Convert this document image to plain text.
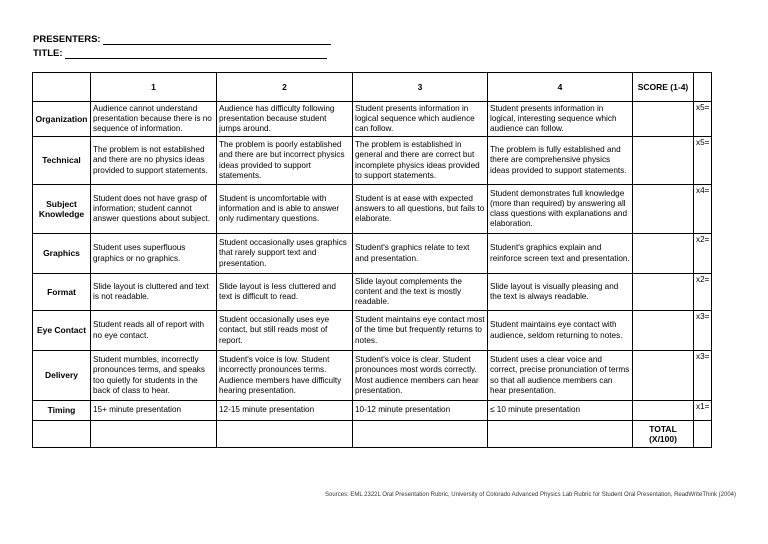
PRESENTERS:
TITLE:
	1	2	3	4	SCORE (1-4)	
Organization	Audience cannot understand presentation because there is no sequence of information.	Audience has difficulty following presentation because student jumps around.	Student presents information in logical sequence which audience can follow.	Student presents information in logical, interesting sequence which audience can follow.		x5=
Technical	The problem is not established and there are no physics ideas provided to support statements.	The problem is poorly established and there are but incorrect physics ideas provided to support statements.	The problem is established in general and there are correct but incomplete physics ideas provided to support statements.	The problem is fully established and there are comprehensive physics ideas provided to support statements.		x5=
Subject Knowledge	Student does not have grasp of information; student cannot answer questions about subject.	Student is uncomfortable with information and is able to answer only rudimentary questions.	Student is at ease with expected answers to all questions, but fails to elaborate.	Student demonstrates full knowledge (more than required) by answering all class questions with explanations and elaboration.		x4=
Graphics	Student uses superfluous graphics or no graphics.	Student occasionally uses graphics that rarely support text and presentation.	Student's graphics relate to text and presentation.	Student's graphics explain and reinforce screen text and presentation.		x2=
Format	Slide layout is cluttered and text is not readable.	Slide layout is less cluttered and text is difficult to read.	Slide layout complements the content and the text is mostly readable.	Slide layout is visually pleasing and the text is always readable.		x2=
Eye Contact	Student reads all of report with no eye contact.	Student occasionally uses eye contact, but still reads most of report.	Student maintains eye contact most of the time but frequently returns to notes.	Student maintains eye contact with audience, seldom returning to notes.		x3=
Delivery	Student mumbles, incorrectly pronounces terms, and speaks too quietly for students in the back of class to hear.	Student's voice is low. Student incorrectly pronounces terms. Audience members have difficulty hearing presentation.	Student's voice is clear. Student pronounces most words correctly. Most audience members can hear presentation.	Student uses a clear voice and correct, precise pronunciation of terms so that all audience members can hear presentation.		x3=
Timing	15+ minute presentation	12-15 minute presentation	10-12 minute presentation	≤ 10 minute presentation		x1=
					TOTAL (X/100)	
Sources: EML 2322L Oral Presentation Rubric, University of Colorado Advanced Physics Lab Rubric for Student Oral Presentation, ReadWriteThink (2004)
